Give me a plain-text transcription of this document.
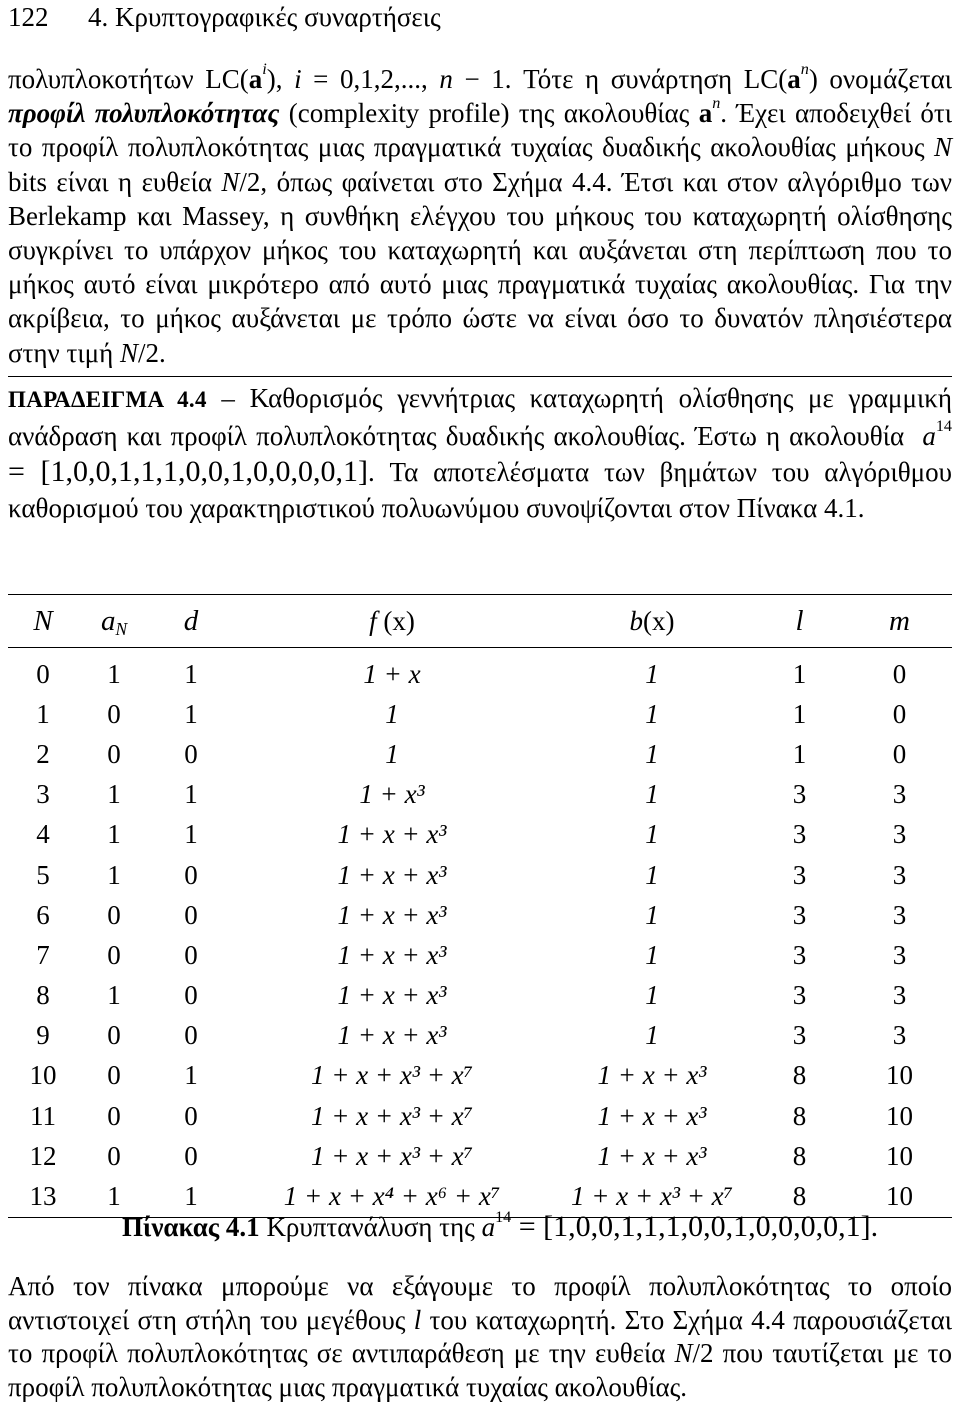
122 4. Κρυπτογραφικές συναρτήσεις
πολυπλοκοτήτων $LC(a^i)$, i = 0,1,2,..., n − 1. Τότε η συνάρτηση $LC(a^n)$ ονομάζεται προφίλ πολυπλοκότητας (complexity profile) της ακολουθίας $a^n$. Έχει αποδειχθεί ότι το προφίλ πολυπλοκότητας μιας πραγματικά τυχαίας δυαδικής ακολουθίας μήκους N bits είναι η ευθεία N/2, όπως φαίνεται στο Σχήμα 4.4. Έτσι και στον αλγόριθμο των Berlekamp και Massey, η συνθήκη ελέγχου του μήκους του καταχωρητή ολίσθησης συγκρίνει το υπάρχον μήκος του καταχωρητή και αυξάνεται στη περίπτωση που το μήκος αυτό είναι μικρότερο από αυτό μιας πραγματικά τυχαίας ακολουθίας. Για την ακρίβεια, το μήκος αυξάνεται με τρόπο ώστε να είναι όσο το δυνατόν πλησιέστερα στην τιμή N/2.
ΠΑΡΑΔΕΙΓΜΑ 4.4 – Καθορισμός γεννήτριας καταχωρητή ολίσθησης με γραμμική ανάδραση και προφίλ πολυπλοκότητας δυαδικής ακολουθίας. Έστω η ακολουθία  $a^{14} = [1,0,0,1,1,1,0,0,1,0,0,0,0,1]$. Τα αποτελέσματα των βημάτων του αλγόριθμου καθορισμού του χαρακτηριστικού πολυωνύμου συνοψίζονται στον Πίνακα 4.1.
N	$a_N$	d	f (x)	b(x)	l	m
0	1	1	1 + x	1	1	0
1	0	1	1	1	1	0
2	0	0	1	1	1	0
3	1	1	1 + x³	1	3	3
4	1	1	1 + x + x³	1	3	3
5	1	0	1 + x + x³	1	3	3
6	0	0	1 + x + x³	1	3	3
7	0	0	1 + x + x³	1	3	3
8	1	0	1 + x + x³	1	3	3
9	0	0	1 + x + x³	1	3	3
10	0	1	1 + x + x³ + x⁷	1 + x + x³	8	10
11	0	0	1 + x + x³ + x⁷	1 + x + x³	8	10
12	0	0	1 + x + x³ + x⁷	1 + x + x³	8	10
13	1	1	1 + x + x⁴ + x⁶ + x⁷	1 + x + x³ + x⁷	8	10
Πίνακας 4.1 Κρυπτανάλυση της $a^{14} = [1,0,0,1,1,1,0,0,1,0,0,0,0,1]$.
Από τον πίνακα μπορούμε να εξάγουμε το προφίλ πολυπλοκότητας το οποίο αντιστοιχεί στη στήλη του μεγέθους l του καταχωρητή. Στο Σχήμα 4.4 παρουσιάζεται το προφίλ πολυπλοκότητας σε αντιπαράθεση με την ευθεία N/2 που ταυτίζεται με το προφίλ πολυπλοκότητας μιας πραγματικά τυχαίας ακολουθίας.
